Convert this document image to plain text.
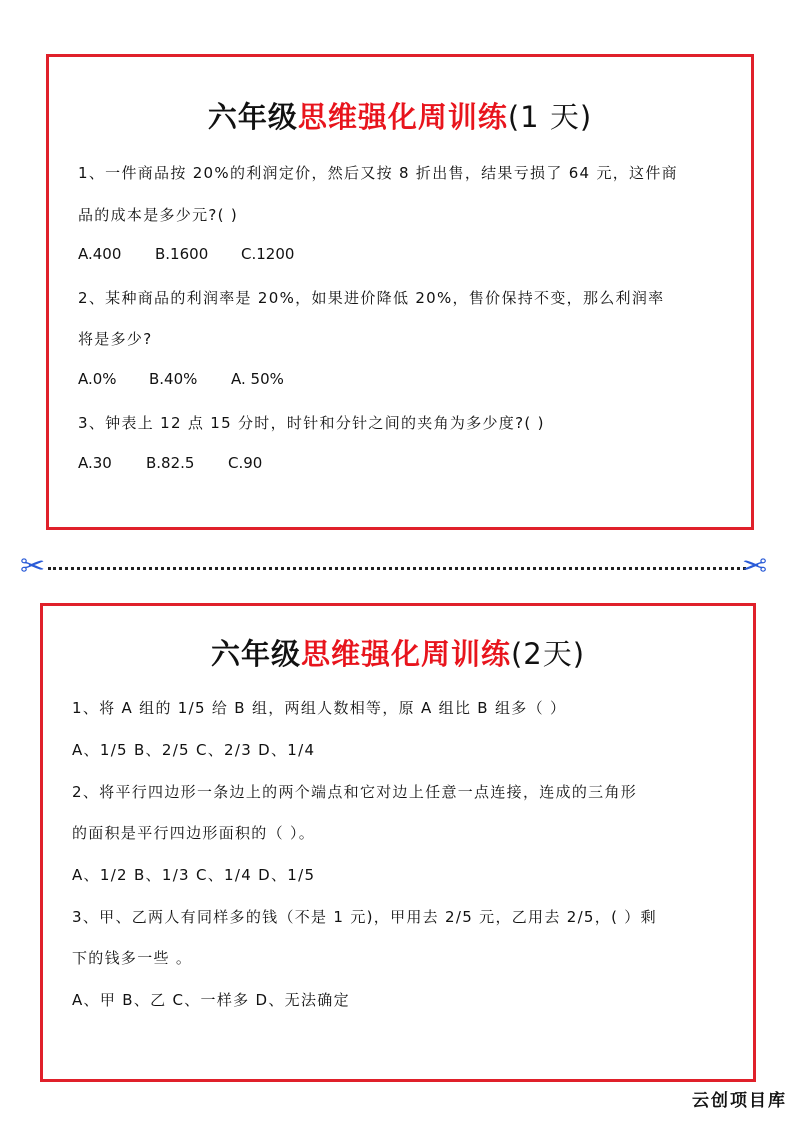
六年级思维强化周训练(1 天)
1、一件商品按 20%的利润定价，然后又按 8 折出售，结果亏损了 64 元，这件商
品的成本是多少元?( )
A.400 B.1600 C.1200
2、某种商品的利润率是 20%，如果进价降低 20%，售价保持不变，那么利润率
将是多少?
A.0% B.40% A. 50%
3、钟表上 12 点 15 分时，时针和分针之间的夹角为多少度?( )
A.30 B.82.5 C.90
✂	✂
六年级思维强化周训练(2天)
1、将 A 组的 1/5 给 B 组，两组人数相等，原 A 组比 B 组多（ ）
A、1/5 B、2/5 C、2/3 D、1/4
2、将平行四边形一条边上的两个端点和它对边上任意一点连接，连成的三角形
的面积是平行四边形面积的（ ）。
A、1/2 B、1/3 C、1/4 D、1/5
3、甲、乙两人有同样多的钱（不是 1 元)，甲用去 2/5 元，乙用去 2/5，( ）剩
下的钱多一些 。
A、甲 B、乙 C、一样多 D、无法确定
云创项目库
